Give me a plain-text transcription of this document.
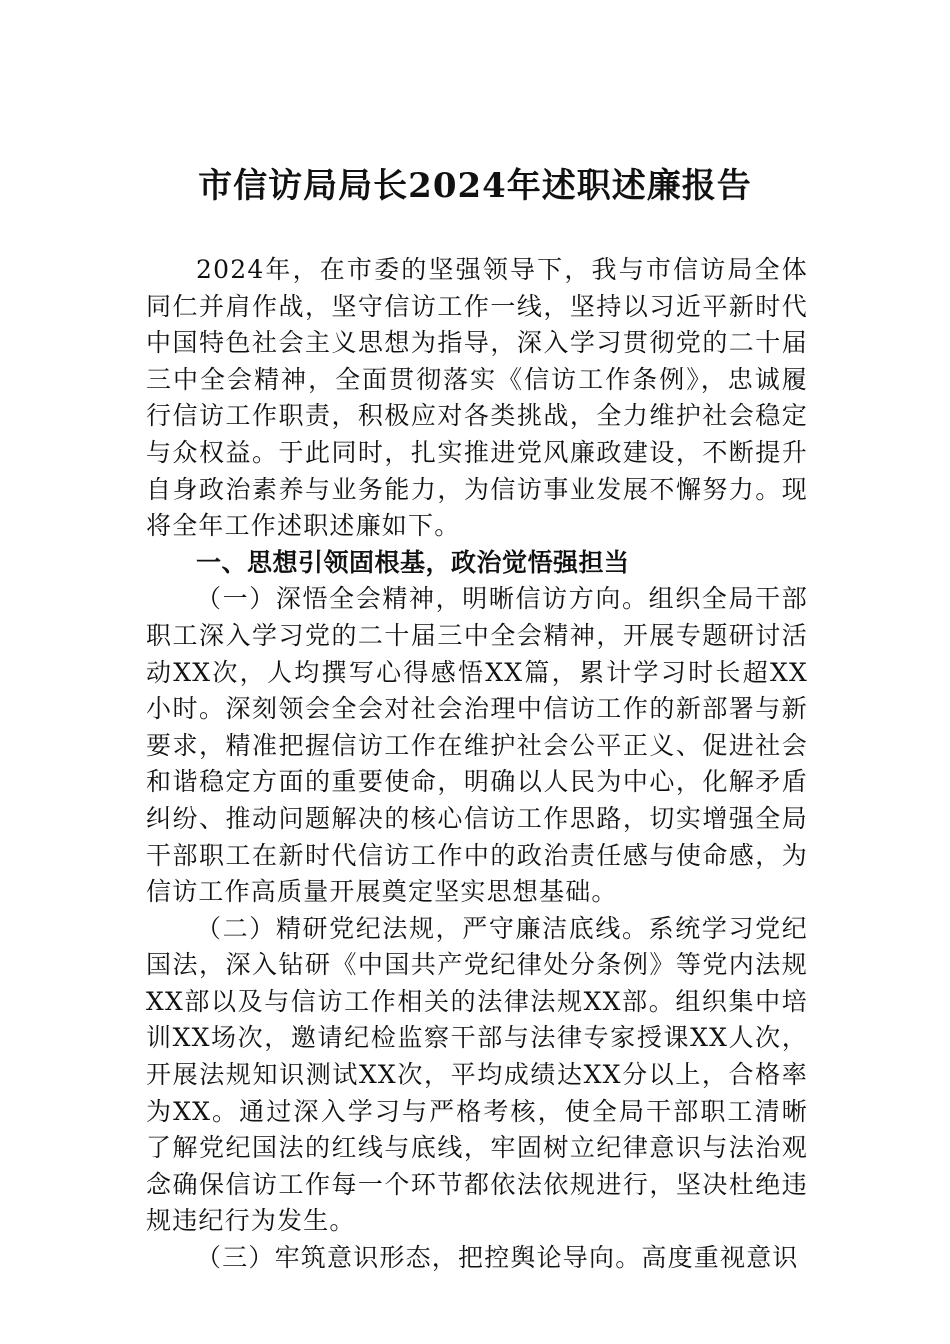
市信访局局长2024年述职述廉报告

2024年，在市委的坚强领导下，我与市信访局全体同仁并肩作战，坚守信访工作一线，坚持以习近平新时代中国特色社会主义思想为指导，深入学习贯彻党的二十届三中全会精神，全面贯彻落实《信访工作条例》，忠诚履行信访工作职责，积极应对各类挑战，全力维护社会稳定与众权益。于此同时，扎实推进党风廉政建设，不断提升自身政治素养与业务能力，为信访事业发展不懈努力。现将全年工作述职述廉如下。

一、思想引领固根基，政治觉悟强担当

（一）深悟全会精神，明晰信访方向。组织全局干部职工深入学习党的二十届三中全会精神，开展专题研讨活动XX次，人均撰写心得感悟XX篇，累计学习时长超XX小时。深刻领会全会对社会治理中信访工作的新部署与新要求，精准把握信访工作在维护社会公平正义、促进社会和谐稳定方面的重要使命，明确以人民为中心，化解矛盾纠纷、推动问题解决的核心信访工作思路，切实增强全局干部职工在新时代信访工作中的政治责任感与使命感，为信访工作高质量开展奠定坚实思想基础。

（二）精研党纪法规，严守廉洁底线。系统学习党纪国法，深入钻研《中国共产党纪律处分条例》等党内法规XX部以及与信访工作相关的法律法规XX部。组织集中培训XX场次，邀请纪检监察干部与法律专家授课XX人次，开展法规知识测试XX次，平均成绩达XX分以上，合格率为XX。通过深入学习与严格考核，使全局干部职工清晰了解党纪国法的红线与底线，牢固树立纪律意识与法治观念确保信访工作每一个环节都依法依规进行，坚决杜绝违规违纪行为发生。

（三）牢筑意识形态，把控舆论导向。高度重视意识
